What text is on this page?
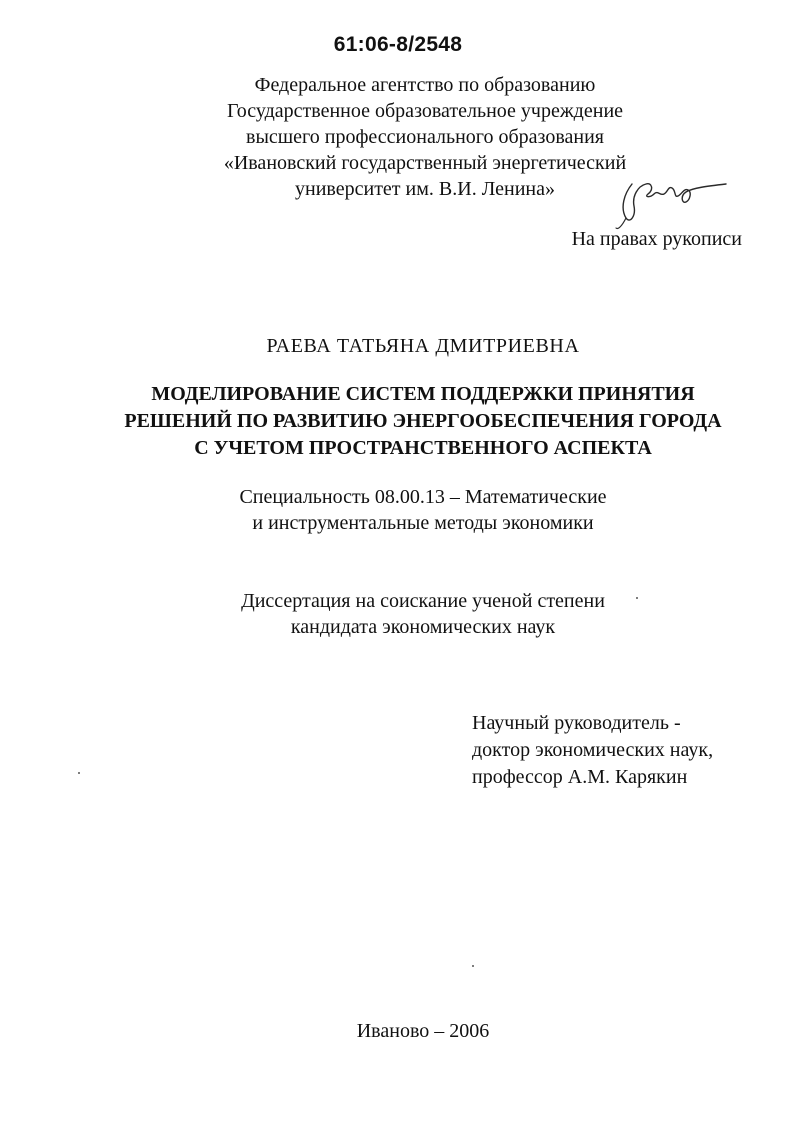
61:06-8/2548
Федеральное агентство по образованию
Государственное образовательное учреждение
высшего профессионального образования
«Ивановский государственный энергетический
университет им. В.И. Ленина»
На правах рукописи
РАЕВА ТАТЬЯНА ДМИТРИЕВНА
МОДЕЛИРОВАНИЕ СИСТЕМ ПОДДЕРЖКИ ПРИНЯТИЯ
РЕШЕНИЙ ПО РАЗВИТИЮ ЭНЕРГООБЕСПЕЧЕНИЯ ГОРОДА
С УЧЕТОМ ПРОСТРАНСТВЕННОГО АСПЕКТА
Специальность 08.00.13 – Математические
и инструментальные методы экономики
Диссертация на соискание ученой степени
кандидата экономических наук
Научный руководитель -
доктор экономических наук,
профессор А.М. Карякин
Иваново – 2006
